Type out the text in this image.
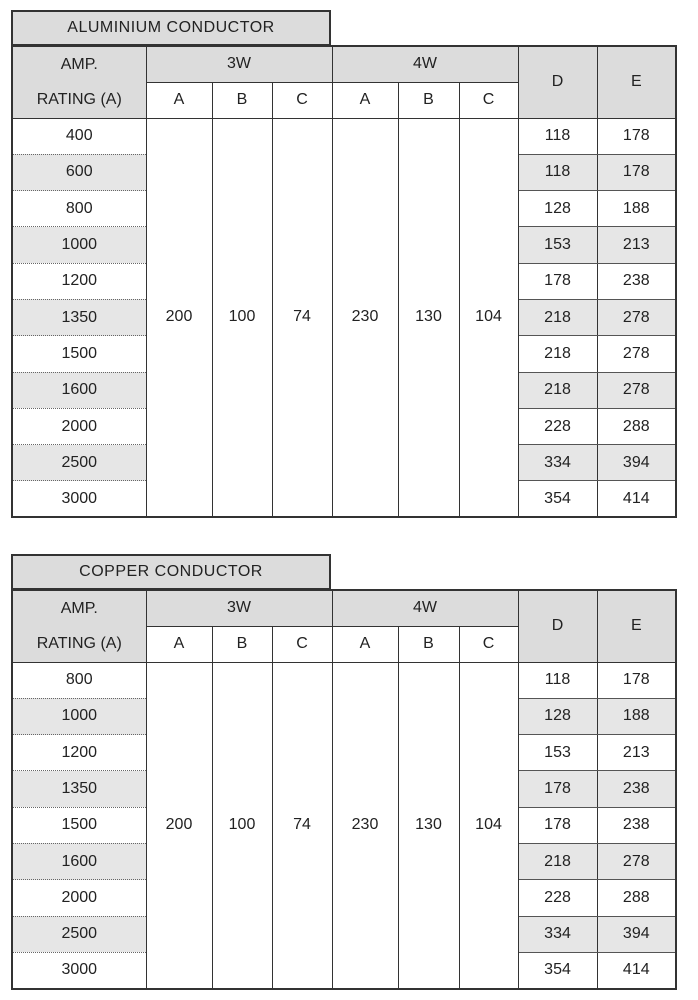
ALUMINIUM CONDUCTOR
AMP.	3W			4W			D	E
RATING (A)	A	B	C	A	B	C		
400	200	100	74	230	130	104	118	178
600							118	178
800							128	188
1000							153	213
1200							178	238
1350							218	278
1500							218	278
1600							218	278
2000							228	288
2500							334	394
3000							354	414
COPPER CONDUCTOR
AMP.	3W			4W			D	E
RATING (A)	A	B	C	A	B	C		
800	200	100	74	230	130	104	118	178
1000							128	188
1200							153	213
1350							178	238
1500							178	238
1600							218	278
2000							228	288
2500							334	394
3000							354	414
